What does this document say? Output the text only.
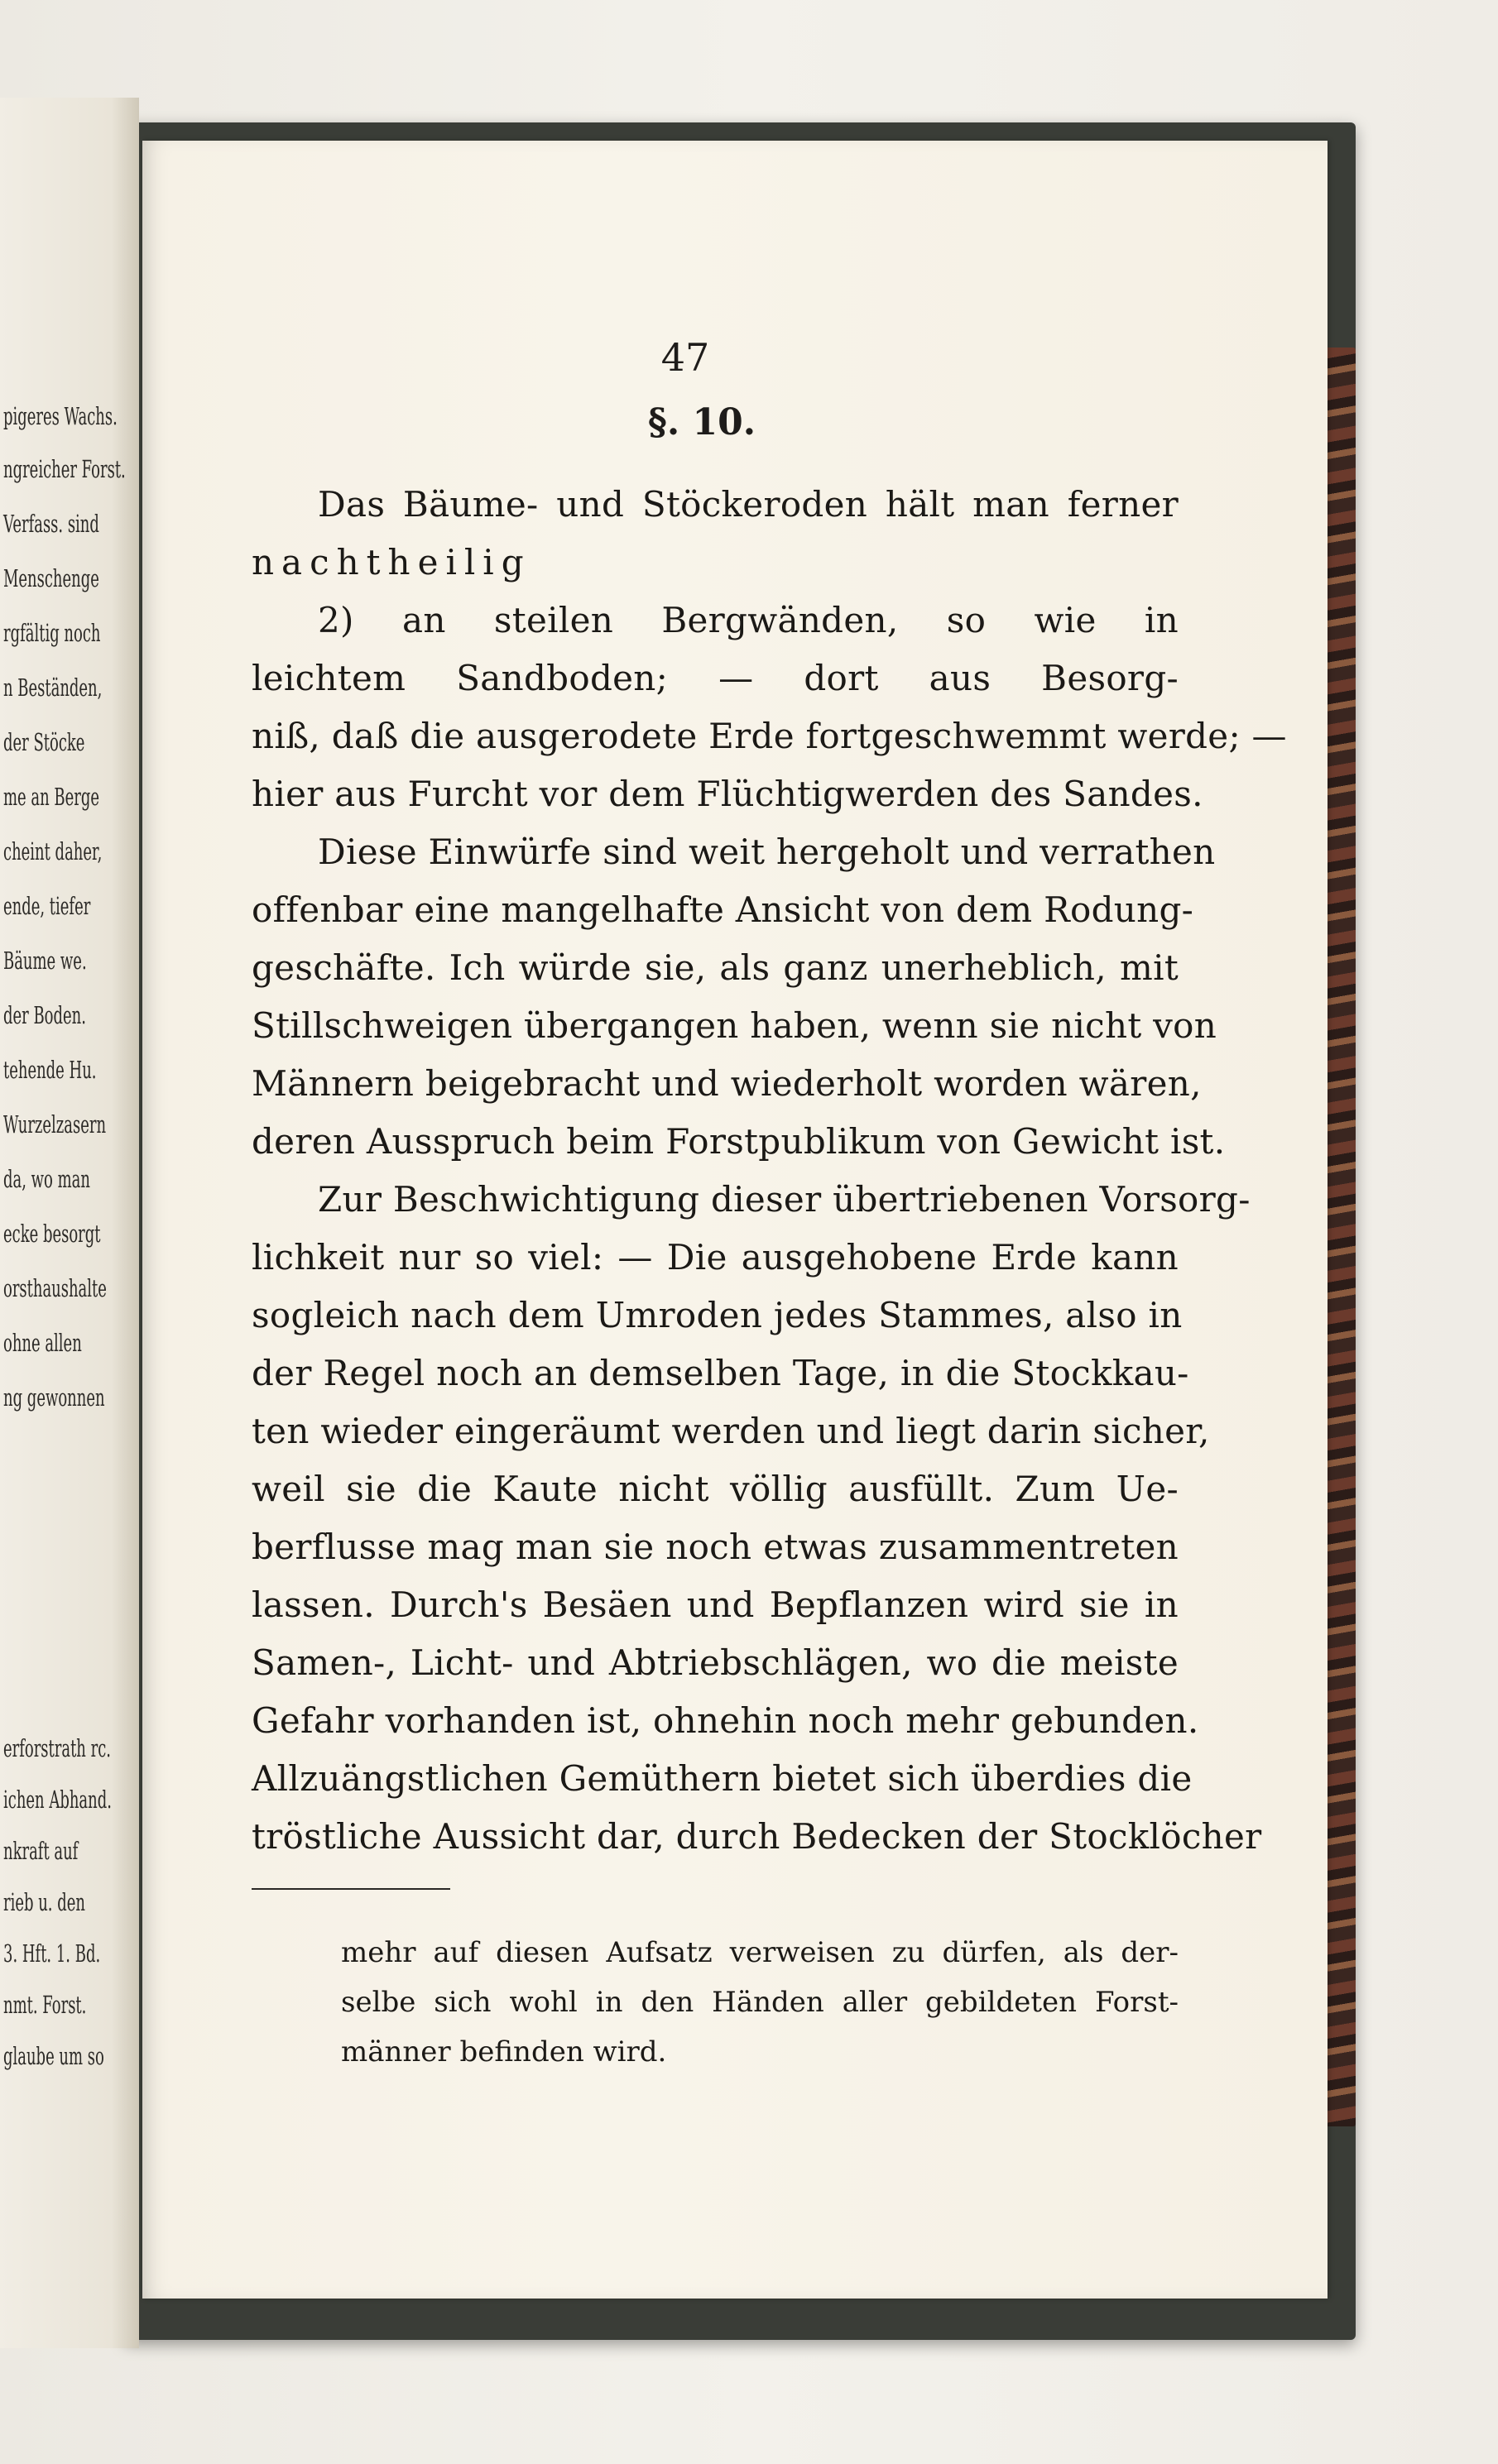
pigeres Wachs.
ngreicher Forst.
Verfass. sind
Menschenge
rgfältig noch
n Beständen,
der Stöcke
me an Berge
cheint daher,
ende, tiefer
Bäume we.
der Boden.
tehende Hu.
Wurzelzasern
da, wo man
ecke besorgt
orsthaushalte
ohne allen
ng gewonnen
erforstrath rc.
ichen Abhand.
nkraft auf
rieb u. den
3. Hft. 1. Bd.
nmt. Forst.
glaube um so
47
§. 10.
Das Bäume- und Stöckeroden hält man ferner
nachtheilig
2) an steilen Bergwänden, so wie in
leichtem Sandboden; — dort aus Besorg-
niß, daß die ausgerodete Erde fortgeschwemmt werde; —
hier aus Furcht vor dem Flüchtigwerden des Sandes.
Diese Einwürfe sind weit hergeholt und verrathen
offenbar eine mangelhafte Ansicht von dem Rodung-
geschäfte. Ich würde sie, als ganz unerheblich, mit
Stillschweigen übergangen haben, wenn sie nicht von
Männern beigebracht und wiederholt worden wären,
deren Ausspruch beim Forstpublikum von Gewicht ist.
Zur Beschwichtigung dieser übertriebenen Vorsorg-
lichkeit nur so viel: — Die ausgehobene Erde kann
sogleich nach dem Umroden jedes Stammes, also in
der Regel noch an demselben Tage, in die Stockkau-
ten wieder eingeräumt werden und liegt darin sicher,
weil sie die Kaute nicht völlig ausfüllt. Zum Ue-
berflusse mag man sie noch etwas zusammentreten
lassen. Durch's Besäen und Bepflanzen wird sie in
Samen-, Licht- und Abtriebschlägen, wo die meiste
Gefahr vorhanden ist, ohnehin noch mehr gebunden.
Allzuängstlichen Gemüthern bietet sich überdies die
tröstliche Aussicht dar, durch Bedecken der Stocklöcher
mehr auf diesen Aufsatz verweisen zu dürfen, als der-
selbe sich wohl in den Händen aller gebildeten Forst-
männer befinden wird.
